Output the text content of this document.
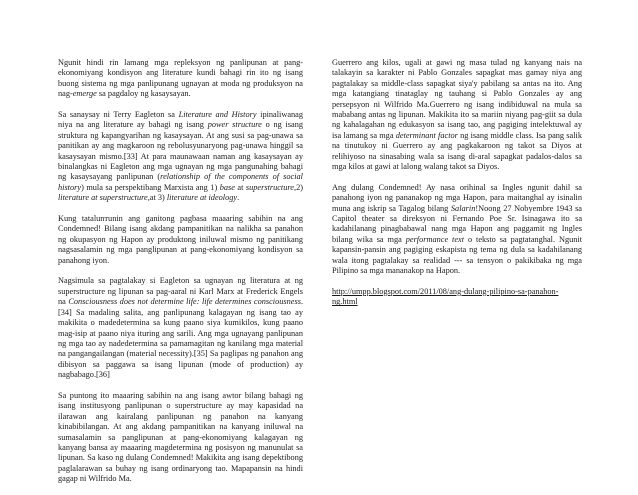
Ngunit hindi rin lamang mga repleksyon ng panlipunan at pang-ekonomiyang kondisyon ang literature kundi bahagi rin ito ng isang buong sistema ng mga panlipunang ugnayan at moda ng produksyon na nag-emerge sa pagdaloy ng kasaysayan.

Sa sanaysay ni Terry Eagleton sa Literature and History ipinaliwanag niya na ang literature ay bahagi ng isang power structure o ng isang struktura ng kapangyarihan ng kasaysayan. At ang susi sa pag-unawa sa panitikan ay ang magkaroon ng rebolusyunaryong pag-unawa hinggil sa kasaysayan mismo.[33] At para maunawaan naman ang kasaysayan ay binalangkas ni Eagleton ang mga ugnayan ng mga pangunahing bahagi ng kasaysayang panlipunan (relationship of the components of social history) mula sa perspektibang Marxista ang 1) base at superstructure,2) literature at superstructure,at 3) literature at ideology.

Kung tatalunтunin ang ganitong pagbasa maaaring sabihin na ang Condemned! Bilang isang akdang pampanitikan na nalikha sa panahon ng okupasyon ng Hapon ay produktong iniluwal mismo ng panitikang nagsasalamin ng mga panglipunan at pang-ekonomiyang kondisyon sa panahong iyon.

Nagsimula sa pagtalakay si Eagleton sa ugnayan ng literatura at ng superstructure ng lipunan sa pag-aaral ni Karl Marx at Frederick Engels na Consciousness does not determine life: life determines consciousness.[34] Sa madaling salita, ang panlipunang kalagayan ng isang tao ay makikita o madedetermina sa kung paano siya kumikilos, kung paano mag-isip at paano niya ituring ang sarili. Ang mga ugnayang panlipunan ng mga tao ay nadedetermina sa pamamagitan ng kanilang mga material na pangangailangan (material necessity).[35] Sa paglipas ng panahon ang dibisyon sa paggawa sa isang lipunan (mode of production) ay nagbabago.[36]

Sa puntong ito maaaring sabihin na ang isang awtor bilang bahagi ng isang institusyong panlipunan o superstructure ay may kapasidad na ilarawan ang kairalang panlipunan ng panahon na kanyang kinabibilangan. At ang akdang pampanitikan na kanyang iniluwal na sumasalamin sa panglipunan at pang-ekonomiyang kalagayan ng kanyang bansa ay maaaring magdetermina ng posisyon ng manunulat sa lipunan. Sa kaso ng dulang Condemned! Makikita ang isang depektibong paglalarawan sa buhay ng isang ordinaryong tao. Mapapansin na hindi gagap ni Wilfrido Ma.

Guerrero ang kilos, ugali at gawi ng masa tulad ng kanyang nais na talakayin sa karakter ni Pablo Gonzales sapagkat mas gamay niya ang pagtalakay sa middle-class sapagkat siya'y pabilang sa antas na ito. Ang mga katangiang tinataglay ng tauhang si Pablo Gonzales ay ang persepsyon ni Wilfrido Ma.Guerrero ng isang indibiduwal na mula sa mababang antas ng lipunan. Makikita ito sa mariin niyang pag-giit sa dula ng kahalagahan ng edukasyon sa isang tao, ang pagiging intelektuwal ay isa lamang sa mga determinant factor ng isang middle class. Isa pang salik na tinutukoy ni Guerrero ay ang pagkakaroon ng takot sa Diyos at relihiyoso na sinasabing wala sa isang di-aral sapagkat padalos-dalos sa mga kilos at gawi at lalong walang takot sa Diyos.

Ang dulang Condemned! Ay nasa orihinal sa Ingles ngunit dahil sa panahong iyon ng pananakop ng mga Hapon, para maitanghal ay isinalin muna ang iskrip sa Tagalog bilang Salarin!Noong 27 Nobyembre 1943 sa Capitol theater sa direksyon ni Fernando Poe Sr. Isinagawa ito sa kadahilanang pinagbabawal nang mga Hapon ang paggamit ng Ingles bilang wika sa mga performance text o teksto sa pagtatanghal. Ngunit kapansin-pansin ang pagiging eskapista ng tema ng dula sa kadahilanang wala itong pagtalakay sa realidad --- sa tensyon o pakikibaka ng mga Pilipino sa mga mananakop na Hapon.

http://umpp.blogspot.com/2011/08/ang-dulang-pilipino-sa-panahon-ng.html
